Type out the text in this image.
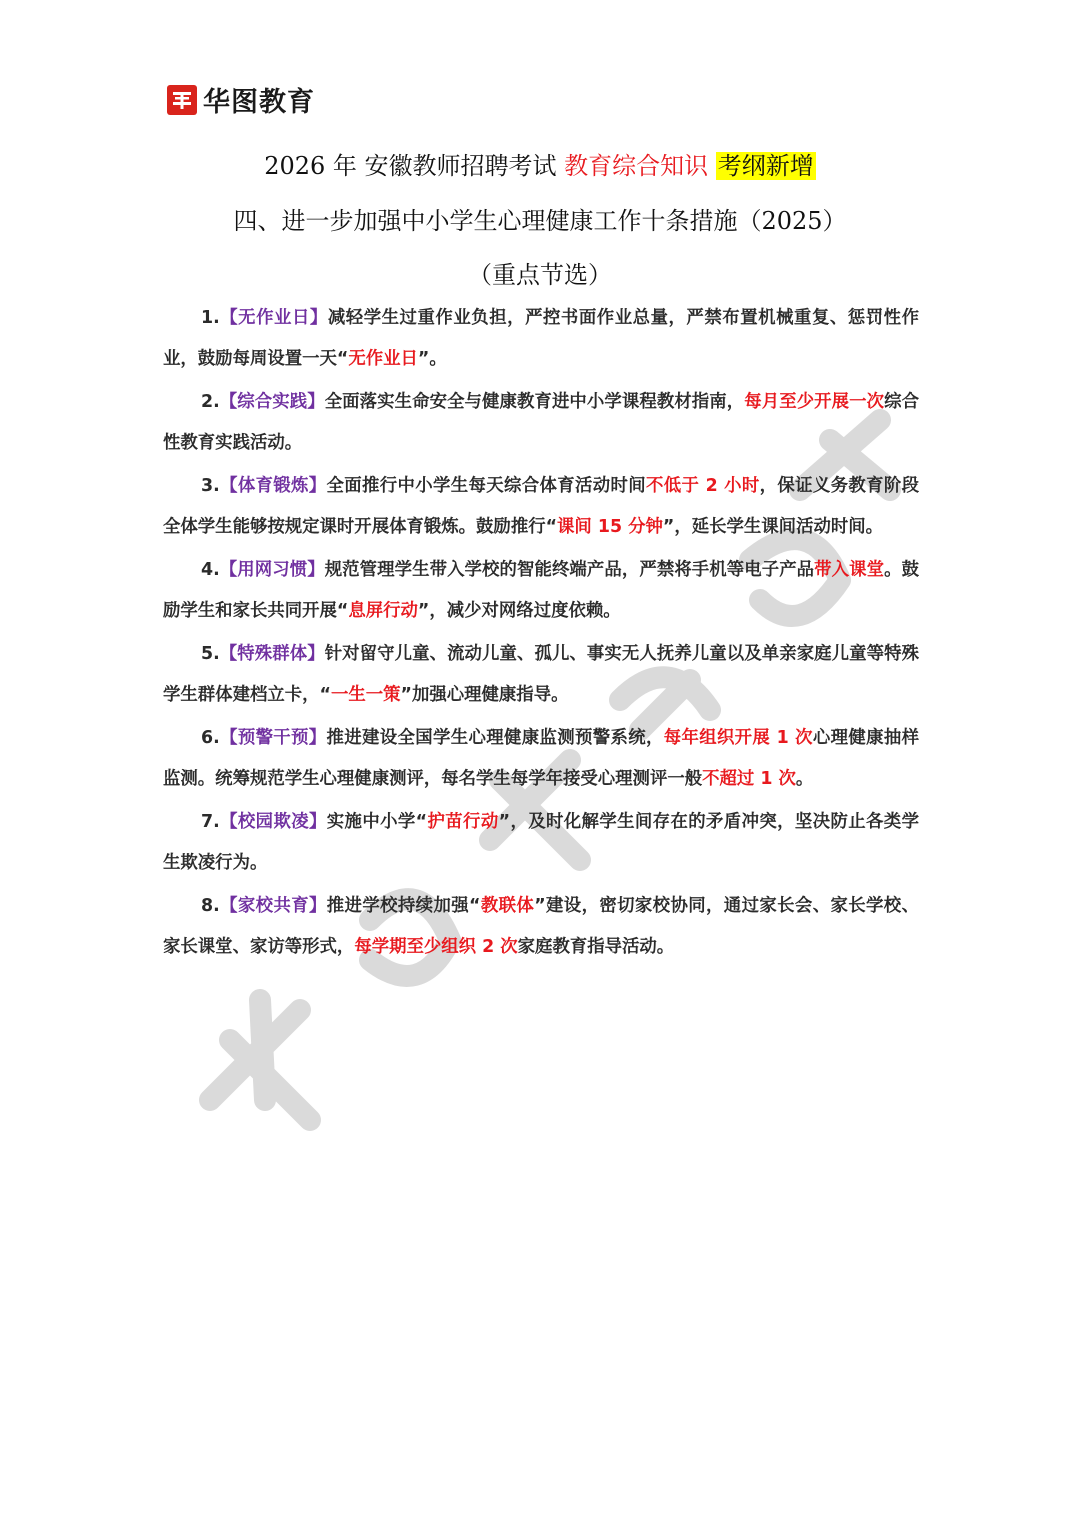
华图教育
2026 年 安徽教师招聘考试 教育综合知识 考纲新增
四、进一步加强中小学生心理健康工作十条措施（2025）
（重点节选）

1.【无作业日】减轻学生过重作业负担，严控书面作业总量，严禁布置机械重复、惩罚性作业，鼓励每周设置一天“无作业日”。

2.【综合实践】全面落实生命安全与健康教育进中小学课程教材指南，每月至少开展一次综合性教育实践活动。

3.【体育锻炼】全面推行中小学生每天综合体育活动时间不低于 2 小时，保证义务教育阶段全体学生能够按规定课时开展体育锻炼。鼓励推行“课间 15 分钟”，延长学生课间活动时间。

4.【用网习惯】规范管理学生带入学校的智能终端产品，严禁将手机等电子产品带入课堂。鼓励学生和家长共同开展“息屏行动”，减少对网络过度依赖。

5.【特殊群体】针对留守儿童、流动儿童、孤儿、事实无人抚养儿童以及单亲家庭儿童等特殊学生群体建档立卡，“一生一策”加强心理健康指导。

6.【预警干预】推进建设全国学生心理健康监测预警系统，每年组织开展 1 次心理健康抽样监测。统筹规范学生心理健康测评，每名学生每学年接受心理测评一般不超过 1 次。

7.【校园欺凌】实施中小学“护苗行动”，及时化解学生间存在的矛盾冲突，坚决防止各类学生欺凌行为。

8.【家校共育】推进学校持续加强“教联体”建设，密切家校协同，通过家长会、家长学校、家长课堂、家访等形式，每学期至少组织 2 次家庭教育指导活动。
